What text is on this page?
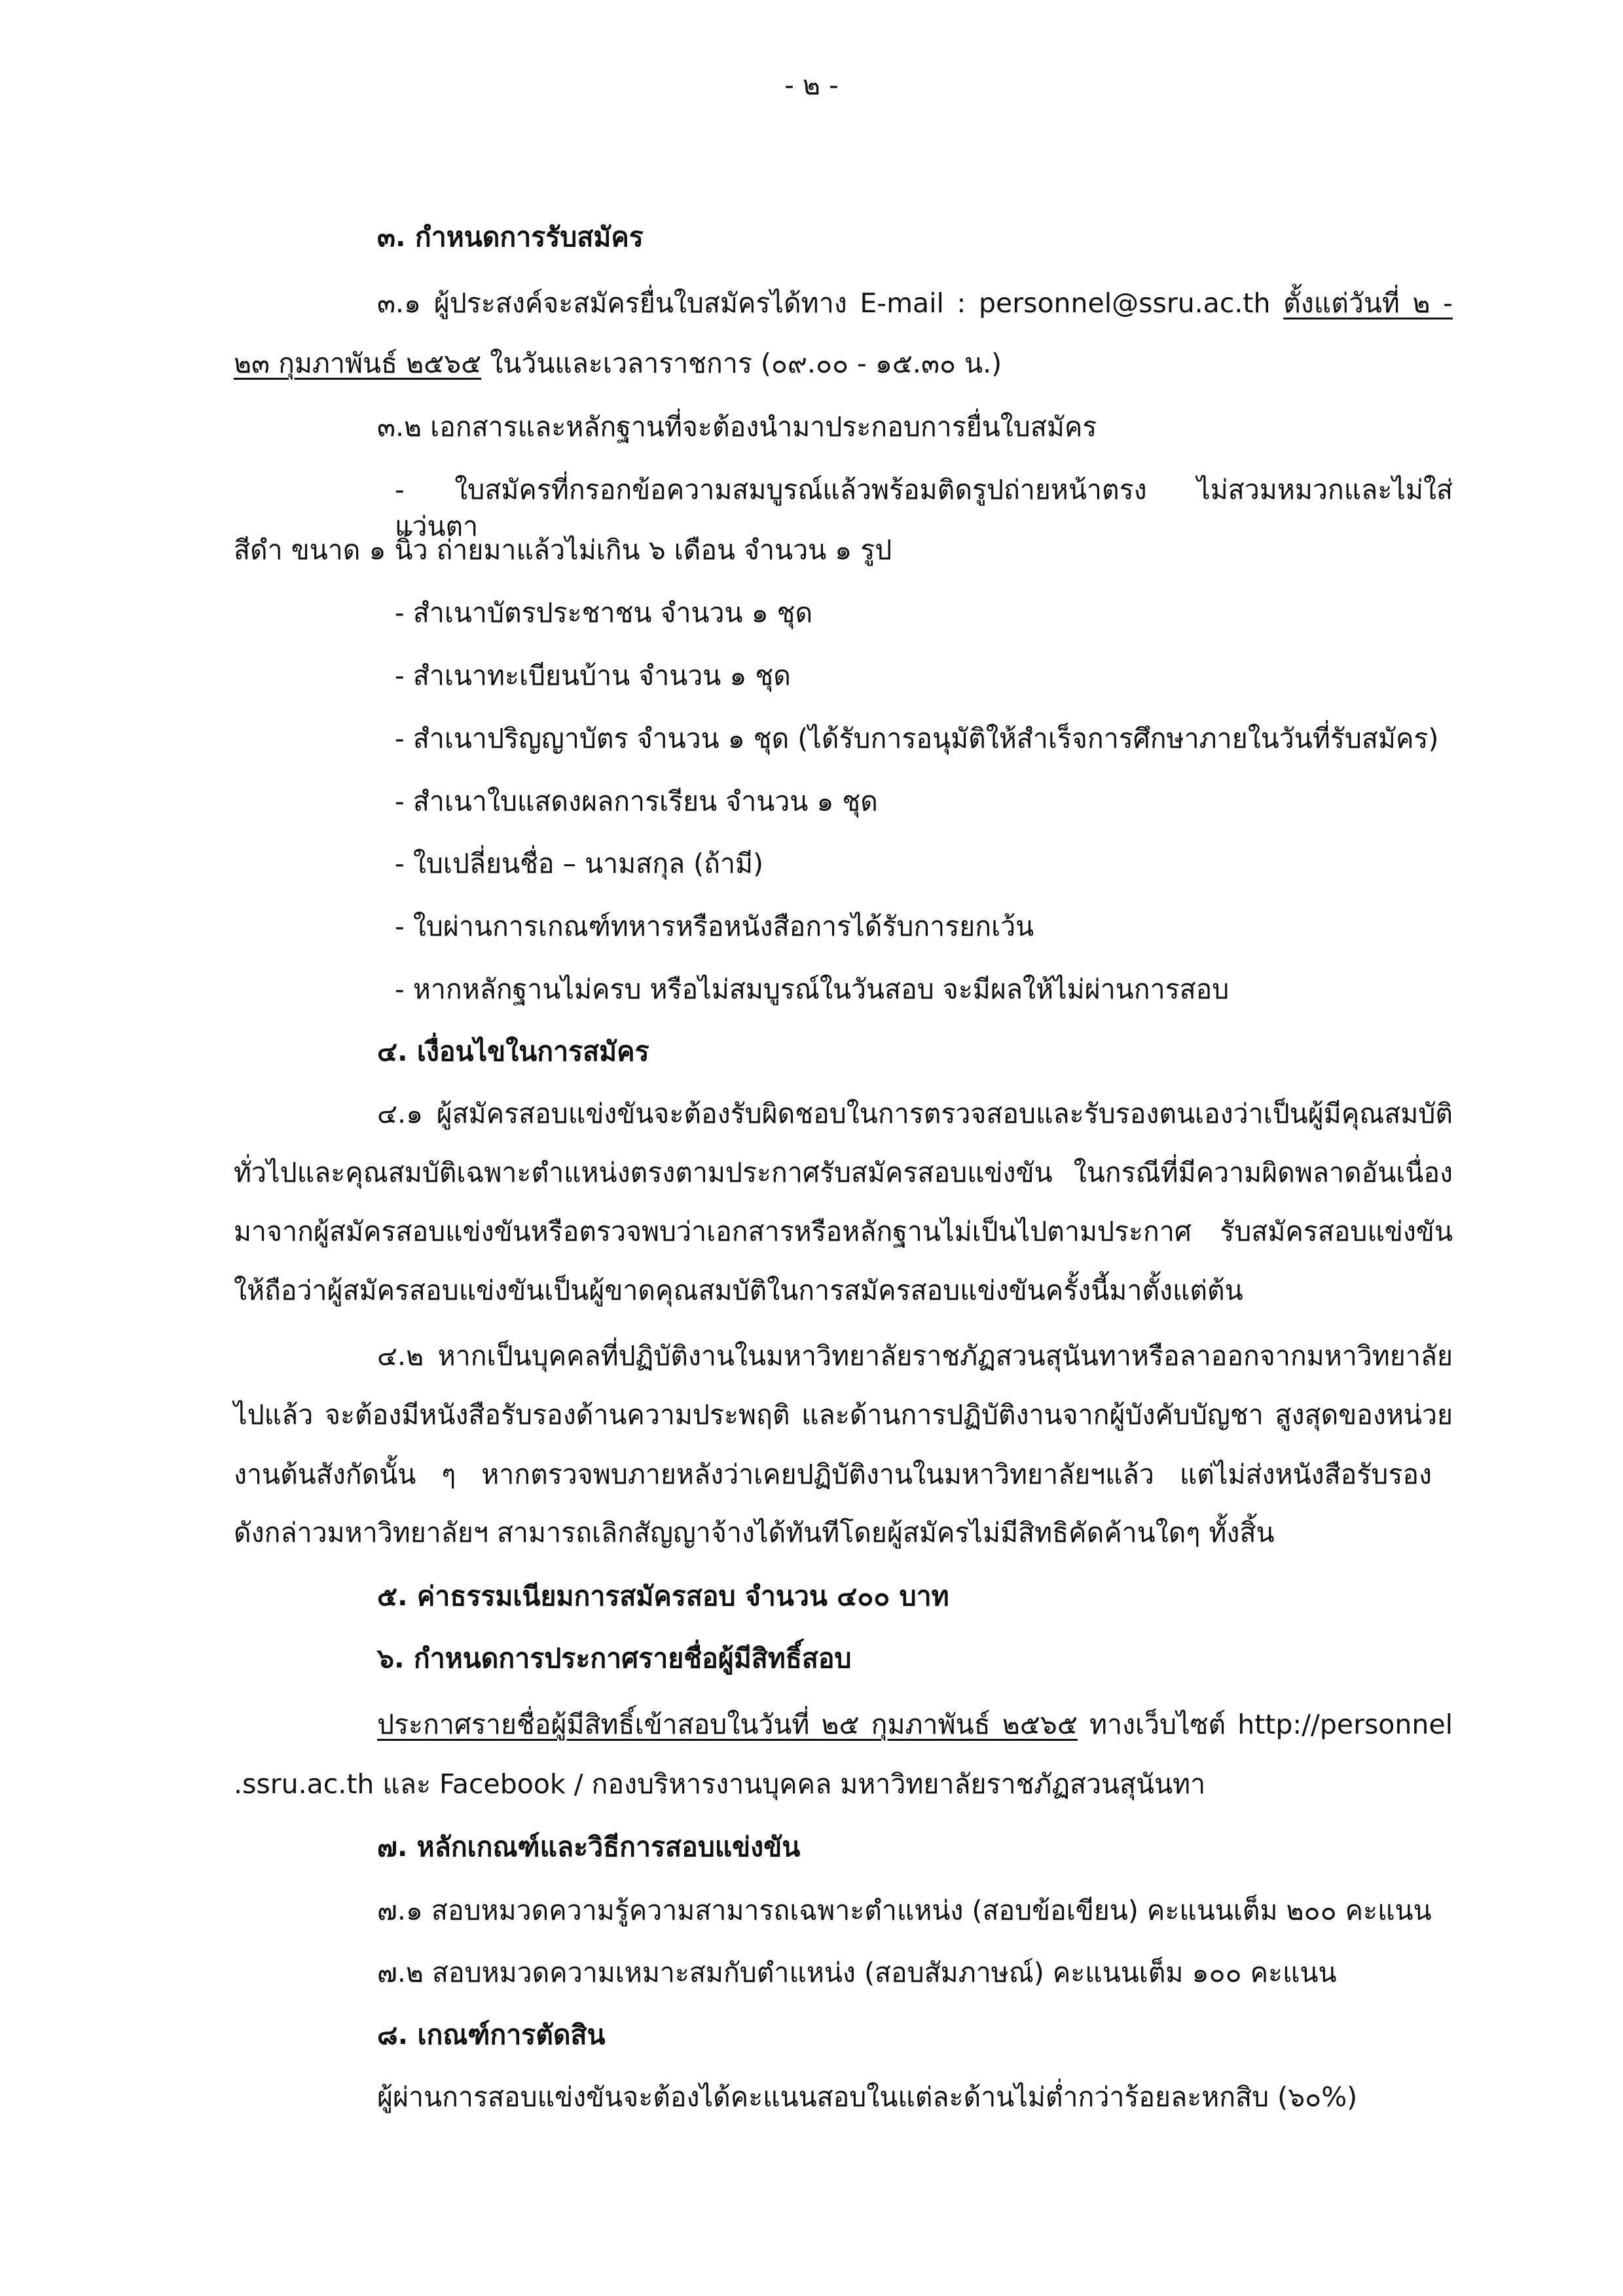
- ๒ -
๓. กำหนดการรับสมัคร
๓.๑ ผู้ประสงค์จะสมัครยื่นใบสมัครได้ทาง E-mail : personnel@ssru.ac.th ตั้งแต่วันที่ ๒ -
๒๓ กุมภาพันธ์ ๒๕๖๕ ในวันและเวลาราชการ (๐๙.๐๐ - ๑๕.๓๐ น.)
๓.๒ เอกสารและหลักฐานที่จะต้องนำมาประกอบการยื่นใบสมัคร
- ใบสมัครที่กรอกข้อความสมบูรณ์แล้วพร้อมติดรูปถ่ายหน้าตรง ไม่สวมหมวกและไม่ใส่แว่นตา
สีดำ ขนาด ๑ นิ้ว ถ่ายมาแล้วไม่เกิน ๖ เดือน จำนวน ๑ รูป
- สำเนาบัตรประชาชน จำนวน ๑ ชุด
- สำเนาทะเบียนบ้าน จำนวน ๑ ชุด
- สำเนาปริญญาบัตร จำนวน ๑ ชุด (ได้รับการอนุมัติให้สำเร็จการศึกษาภายในวันที่รับสมัคร)
- สำเนาใบแสดงผลการเรียน จำนวน ๑ ชุด
- ใบเปลี่ยนชื่อ – นามสกุล (ถ้ามี)
- ใบผ่านการเกณฑ์ทหารหรือหนังสือการได้รับการยกเว้น
- หากหลักฐานไม่ครบ หรือไม่สมบูรณ์ในวันสอบ จะมีผลให้ไม่ผ่านการสอบ
๔. เงื่อนไขในการสมัคร
๔.๑ ผู้สมัครสอบแข่งขันจะต้องรับผิดชอบในการตรวจสอบและรับรองตนเองว่าเป็นผู้มีคุณสมบัติ
ทั่วไปและคุณสมบัติเฉพาะตำแหน่งตรงตามประกาศรับสมัครสอบแข่งขัน ในกรณีที่มีความผิดพลาดอันเนื่อง
มาจากผู้สมัครสอบแข่งขันหรือตรวจพบว่าเอกสารหรือหลักฐานไม่เป็นไปตามประกาศ รับสมัครสอบแข่งขัน
ให้ถือว่าผู้สมัครสอบแข่งขันเป็นผู้ขาดคุณสมบัติในการสมัครสอบแข่งขันครั้งนี้มาตั้งแต่ต้น
๔.๒ หากเป็นบุคคลที่ปฏิบัติงานในมหาวิทยาลัยราชภัฏสวนสุนันทาหรือลาออกจากมหาวิทยาลัย
ไปแล้ว จะต้องมีหนังสือรับรองด้านความประพฤติ และด้านการปฏิบัติงานจากผู้บังคับบัญชา สูงสุดของหน่วย
งานต้นสังกัดนั้น ๆ หากตรวจพบภายหลังว่าเคยปฏิบัติงานในมหาวิทยาลัยฯแล้ว แต่ไม่ส่งหนังสือรับรอง
ดังกล่าวมหาวิทยาลัยฯ สามารถเลิกสัญญาจ้างได้ทันทีโดยผู้สมัครไม่มีสิทธิคัดค้านใดๆ ทั้งสิ้น
๕. ค่าธรรมเนียมการสมัครสอบ จำนวน ๔๐๐ บาท
๖. กำหนดการประกาศรายชื่อผู้มีสิทธิ์สอบ
ประกาศรายชื่อผู้มีสิทธิ์เข้าสอบในวันที่ ๒๕ กุมภาพันธ์ ๒๕๖๕ ทางเว็บไซต์ http://personnel
.ssru.ac.th และ Facebook / กองบริหารงานบุคคล มหาวิทยาลัยราชภัฏสวนสุนันทา
๗. หลักเกณฑ์และวิธีการสอบแข่งขัน
๗.๑ สอบหมวดความรู้ความสามารถเฉพาะตำแหน่ง (สอบข้อเขียน) คะแนนเต็ม ๒๐๐ คะแนน
๗.๒ สอบหมวดความเหมาะสมกับตำแหน่ง (สอบสัมภาษณ์) คะแนนเต็ม ๑๐๐ คะแนน
๘. เกณฑ์การตัดสิน
ผู้ผ่านการสอบแข่งขันจะต้องได้คะแนนสอบในแต่ละด้านไม่ต่ำกว่าร้อยละหกสิบ (๖๐%)
